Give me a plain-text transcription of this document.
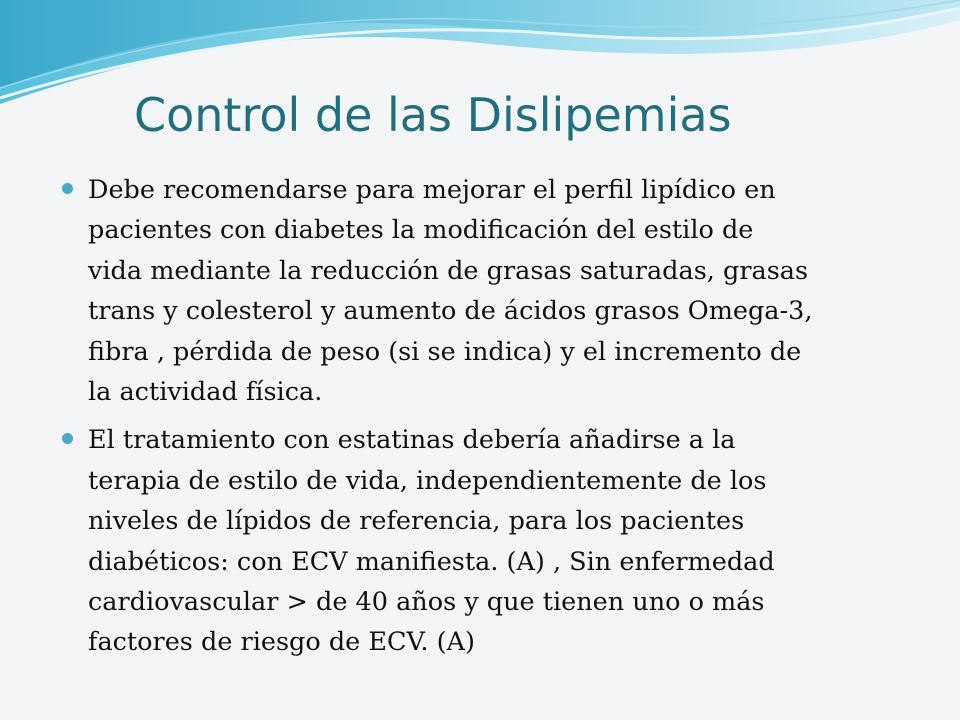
Control de las Dislipemias
Debe recomendarse para mejorar el perfil lipídico en
pacientes con diabetes la modificación del estilo de
vida mediante la reducción de grasas saturadas, grasas
trans y colesterol y aumento de ácidos grasos Omega-3,
fibra , pérdida de peso (si se indica) y el incremento de
la actividad física.
El tratamiento con estatinas debería añadirse a la
terapia de estilo de vida, independientemente de los
niveles de lípidos de referencia, para los pacientes
diabéticos: con ECV manifiesta. (A) , Sin enfermedad
cardiovascular > de 40 años y que tienen uno o más
factores de riesgo de ECV. (A)
